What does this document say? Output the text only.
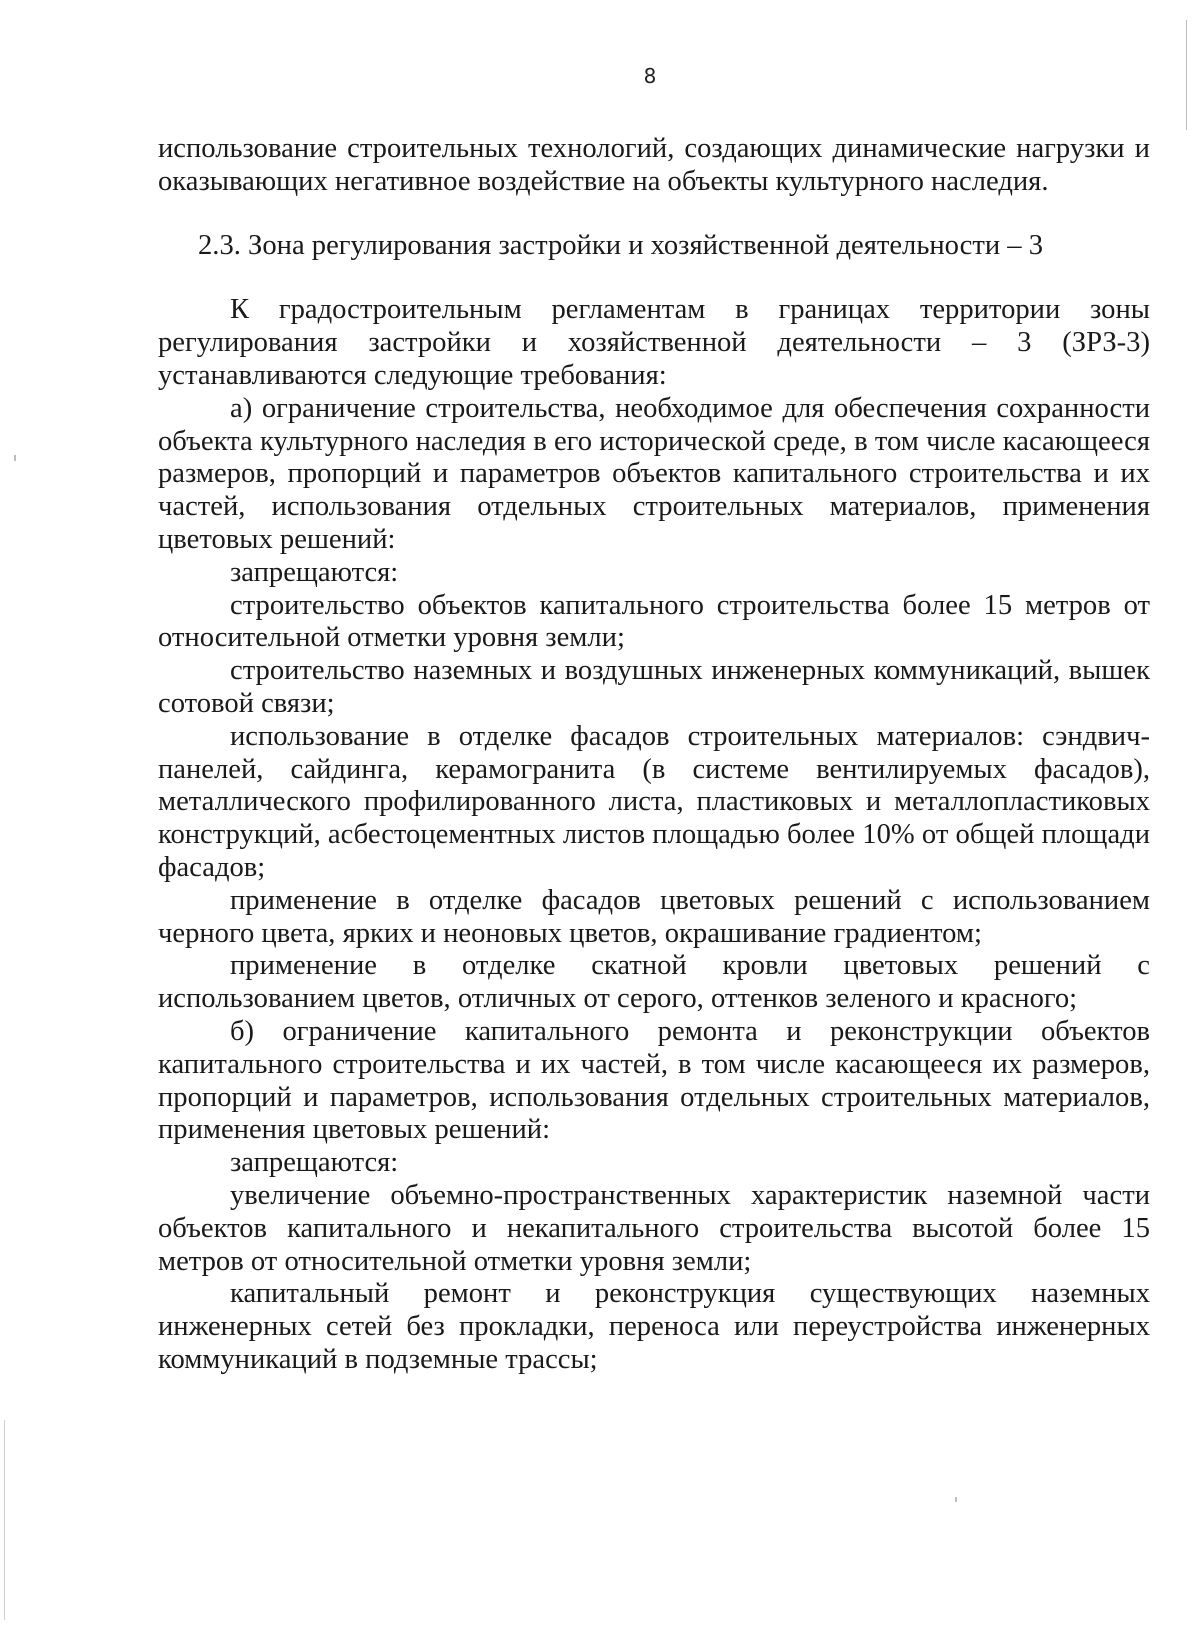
8

использование строительных технологий, создающих динамические нагрузки и оказывающих негативное воздействие на объекты культурного наследия.

2.3. Зона регулирования застройки и хозяйственной деятельности – 3

К градостроительным регламентам в границах территории зоны регулирования застройки и хозяйственной деятельности – 3 (ЗРЗ-3) устанавливаются следующие требования:

а) ограничение строительства, необходимое для обеспечения сохранности объекта культурного наследия в его исторической среде, в том числе касающееся размеров, пропорций и параметров объектов капитального строительства и их частей, использования отдельных строительных материалов, применения цветовых решений:

запрещаются:

строительство объектов капитального строительства более 15 метров от относительной отметки уровня земли;

строительство наземных и воздушных инженерных коммуникаций, вышек сотовой связи;

использование в отделке фасадов строительных материалов: сэндвич-панелей, сайдинга, керамогранита (в системе вентилируемых фасадов), металлического профилированного листа, пластиковых и металлопластиковых конструкций, асбестоцементных листов площадью более 10% от общей площади фасадов;

применение в отделке фасадов цветовых решений с использованием черного цвета, ярких и неоновых цветов, окрашивание градиентом;

применение в отделке скатной кровли цветовых решений с использованием цветов, отличных от серого, оттенков зеленого и красного;

б) ограничение капитального ремонта и реконструкции объектов капитального строительства и их частей, в том числе касающееся их размеров, пропорций и параметров, использования отдельных строительных материалов, применения цветовых решений:

запрещаются:

увеличение объемно-пространственных характеристик наземной части объектов капитального и некапитального строительства высотой более 15 метров от относительной отметки уровня земли;

капитальный ремонт и реконструкция существующих наземных инженерных сетей без прокладки, переноса или переустройства инженерных коммуникаций в подземные трассы;
